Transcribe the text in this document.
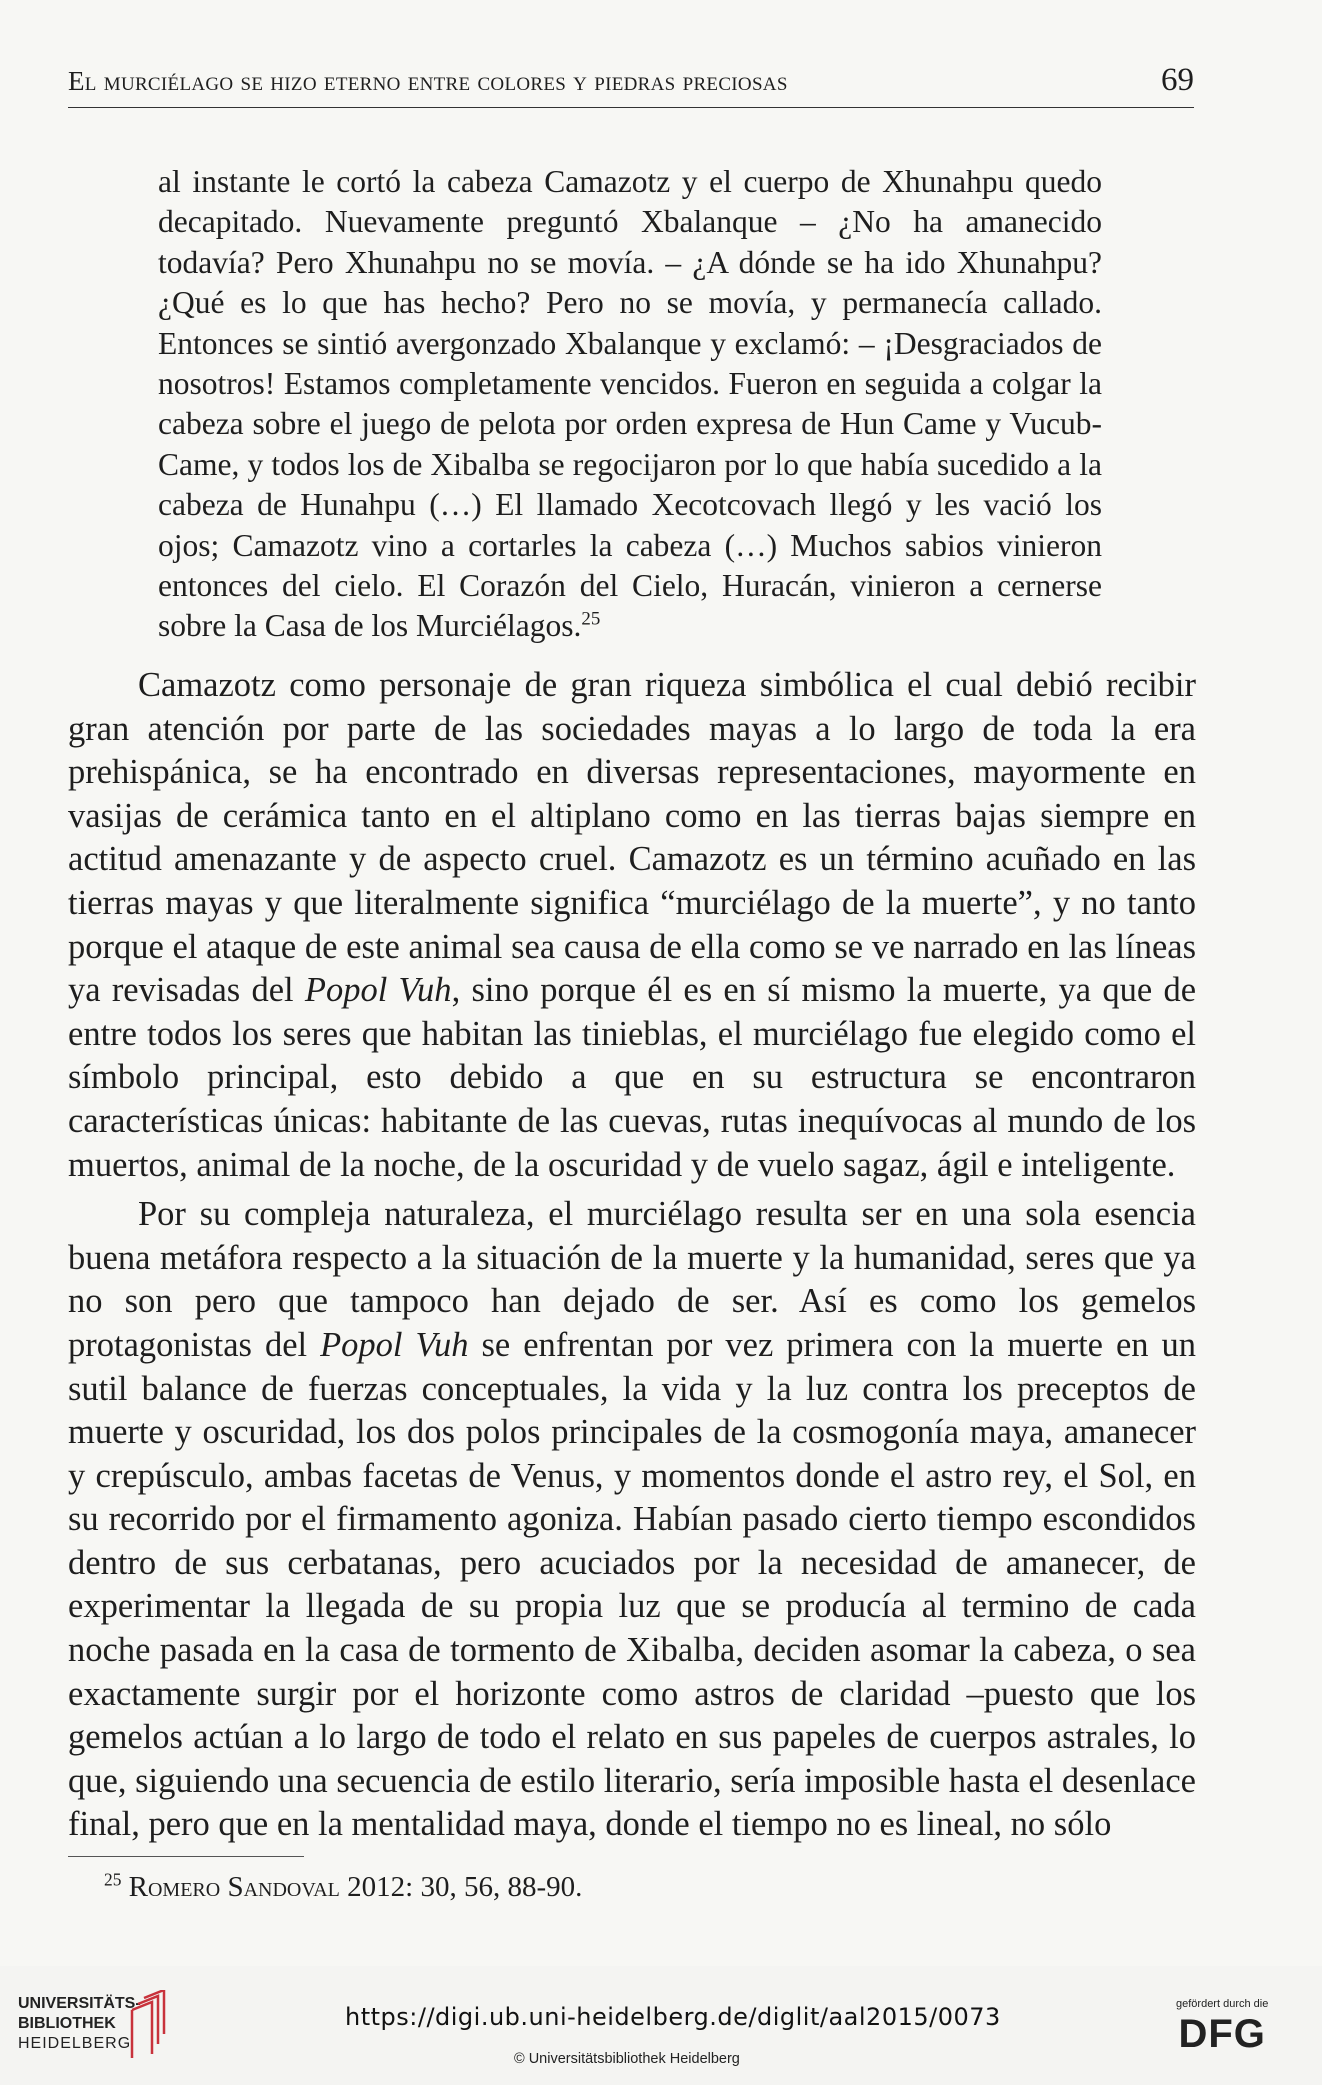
El murciélago se hizo eterno entre colores y piedras preciosas	69

al instante le cortó la cabeza Camazotz y el cuerpo de Xhunahpu quedo decapitado. Nuevamente preguntó Xbalanque – ¿No ha amanecido todavía? Pero Xhunahpu no se movía. – ¿A dónde se ha ido Xhunahpu? ¿Qué es lo que has hecho? Pero no se movía, y permanecía callado. Entonces se sintió avergonzado Xbalanque y exclamó: – ¡Desgraciados de nosotros! Estamos completamente vencidos. Fueron en seguida a colgar la cabeza sobre el juego de pelota por orden expresa de Hun Came y Vucub-Came, y todos los de Xibalba se regocijaron por lo que había sucedido a la cabeza de Hunahpu (…) El llamado Xecotcovach llegó y les vació los ojos; Camazotz vino a cortarles la cabeza (…) Muchos sabios vinieron entonces del cielo. El Corazón del Cielo, Huracán, vinieron a cernerse sobre la Casa de los Murciélagos.$^{25}$

Camazotz como personaje de gran riqueza simbólica el cual debió recibir gran atención por parte de las sociedades mayas a lo largo de toda la era prehispánica, se ha encontrado en diversas representaciones, mayormente en vasijas de cerámica tanto en el altiplano como en las tierras bajas siempre en actitud amenazante y de aspecto cruel. Camazotz es un término acuñado en las tierras mayas y que literalmente significa “murciélago de la muerte”, y no tanto porque el ataque de este animal sea causa de ella como se ve narrado en las líneas ya revisadas del Popol Vuh, sino porque él es en sí mismo la muerte, ya que de entre todos los seres que habitan las tinieblas, el murciélago fue elegido como el símbolo principal, esto debido a que en su estructura se encontraron características únicas: habitante de las cuevas, rutas inequívocas al mundo de los muertos, animal de la noche, de la oscuridad y de vuelo sagaz, ágil e inteligente.

Por su compleja naturaleza, el murciélago resulta ser en una sola esencia buena metáfora respecto a la situación de la muerte y la humanidad, seres que ya no son pero que tampoco han dejado de ser. Así es como los gemelos protagonistas del Popol Vuh se enfrentan por vez primera con la muerte en un sutil balance de fuerzas conceptuales, la vida y la luz contra los preceptos de muerte y oscuridad, los dos polos principales de la cosmogonía maya, amanecer y crepúsculo, ambas facetas de Venus, y momentos donde el astro rey, el Sol, en su recorrido por el firmamento agoniza. Habían pasado cierto tiempo escondidos dentro de sus cerbatanas, pero acuciados por la necesidad de amanecer, de experimentar la llegada de su propia luz que se producía al termino de cada noche pasada en la casa de tormento de Xibalba, deciden asomar la cabeza, o sea exactamente surgir por el horizonte como astros de claridad –puesto que los gemelos actúan a lo largo de todo el relato en sus papeles de cuerpos astrales, lo que, siguiendo una secuencia de estilo literario, sería imposible hasta el desenlace final, pero que en la mentalidad maya, donde el tiempo no es lineal, no sólo

$^{25}$ Romero Sandoval 2012: 30, 56, 88-90.
UNIVERSITÄTS-
BIBLIOTHEK
HEIDELBERG
https://digi.ub.uni-heidelberg.de/diglit/aal2015/0073
© Universitätsbibliothek Heidelberg
gefördert durch die
DFG
